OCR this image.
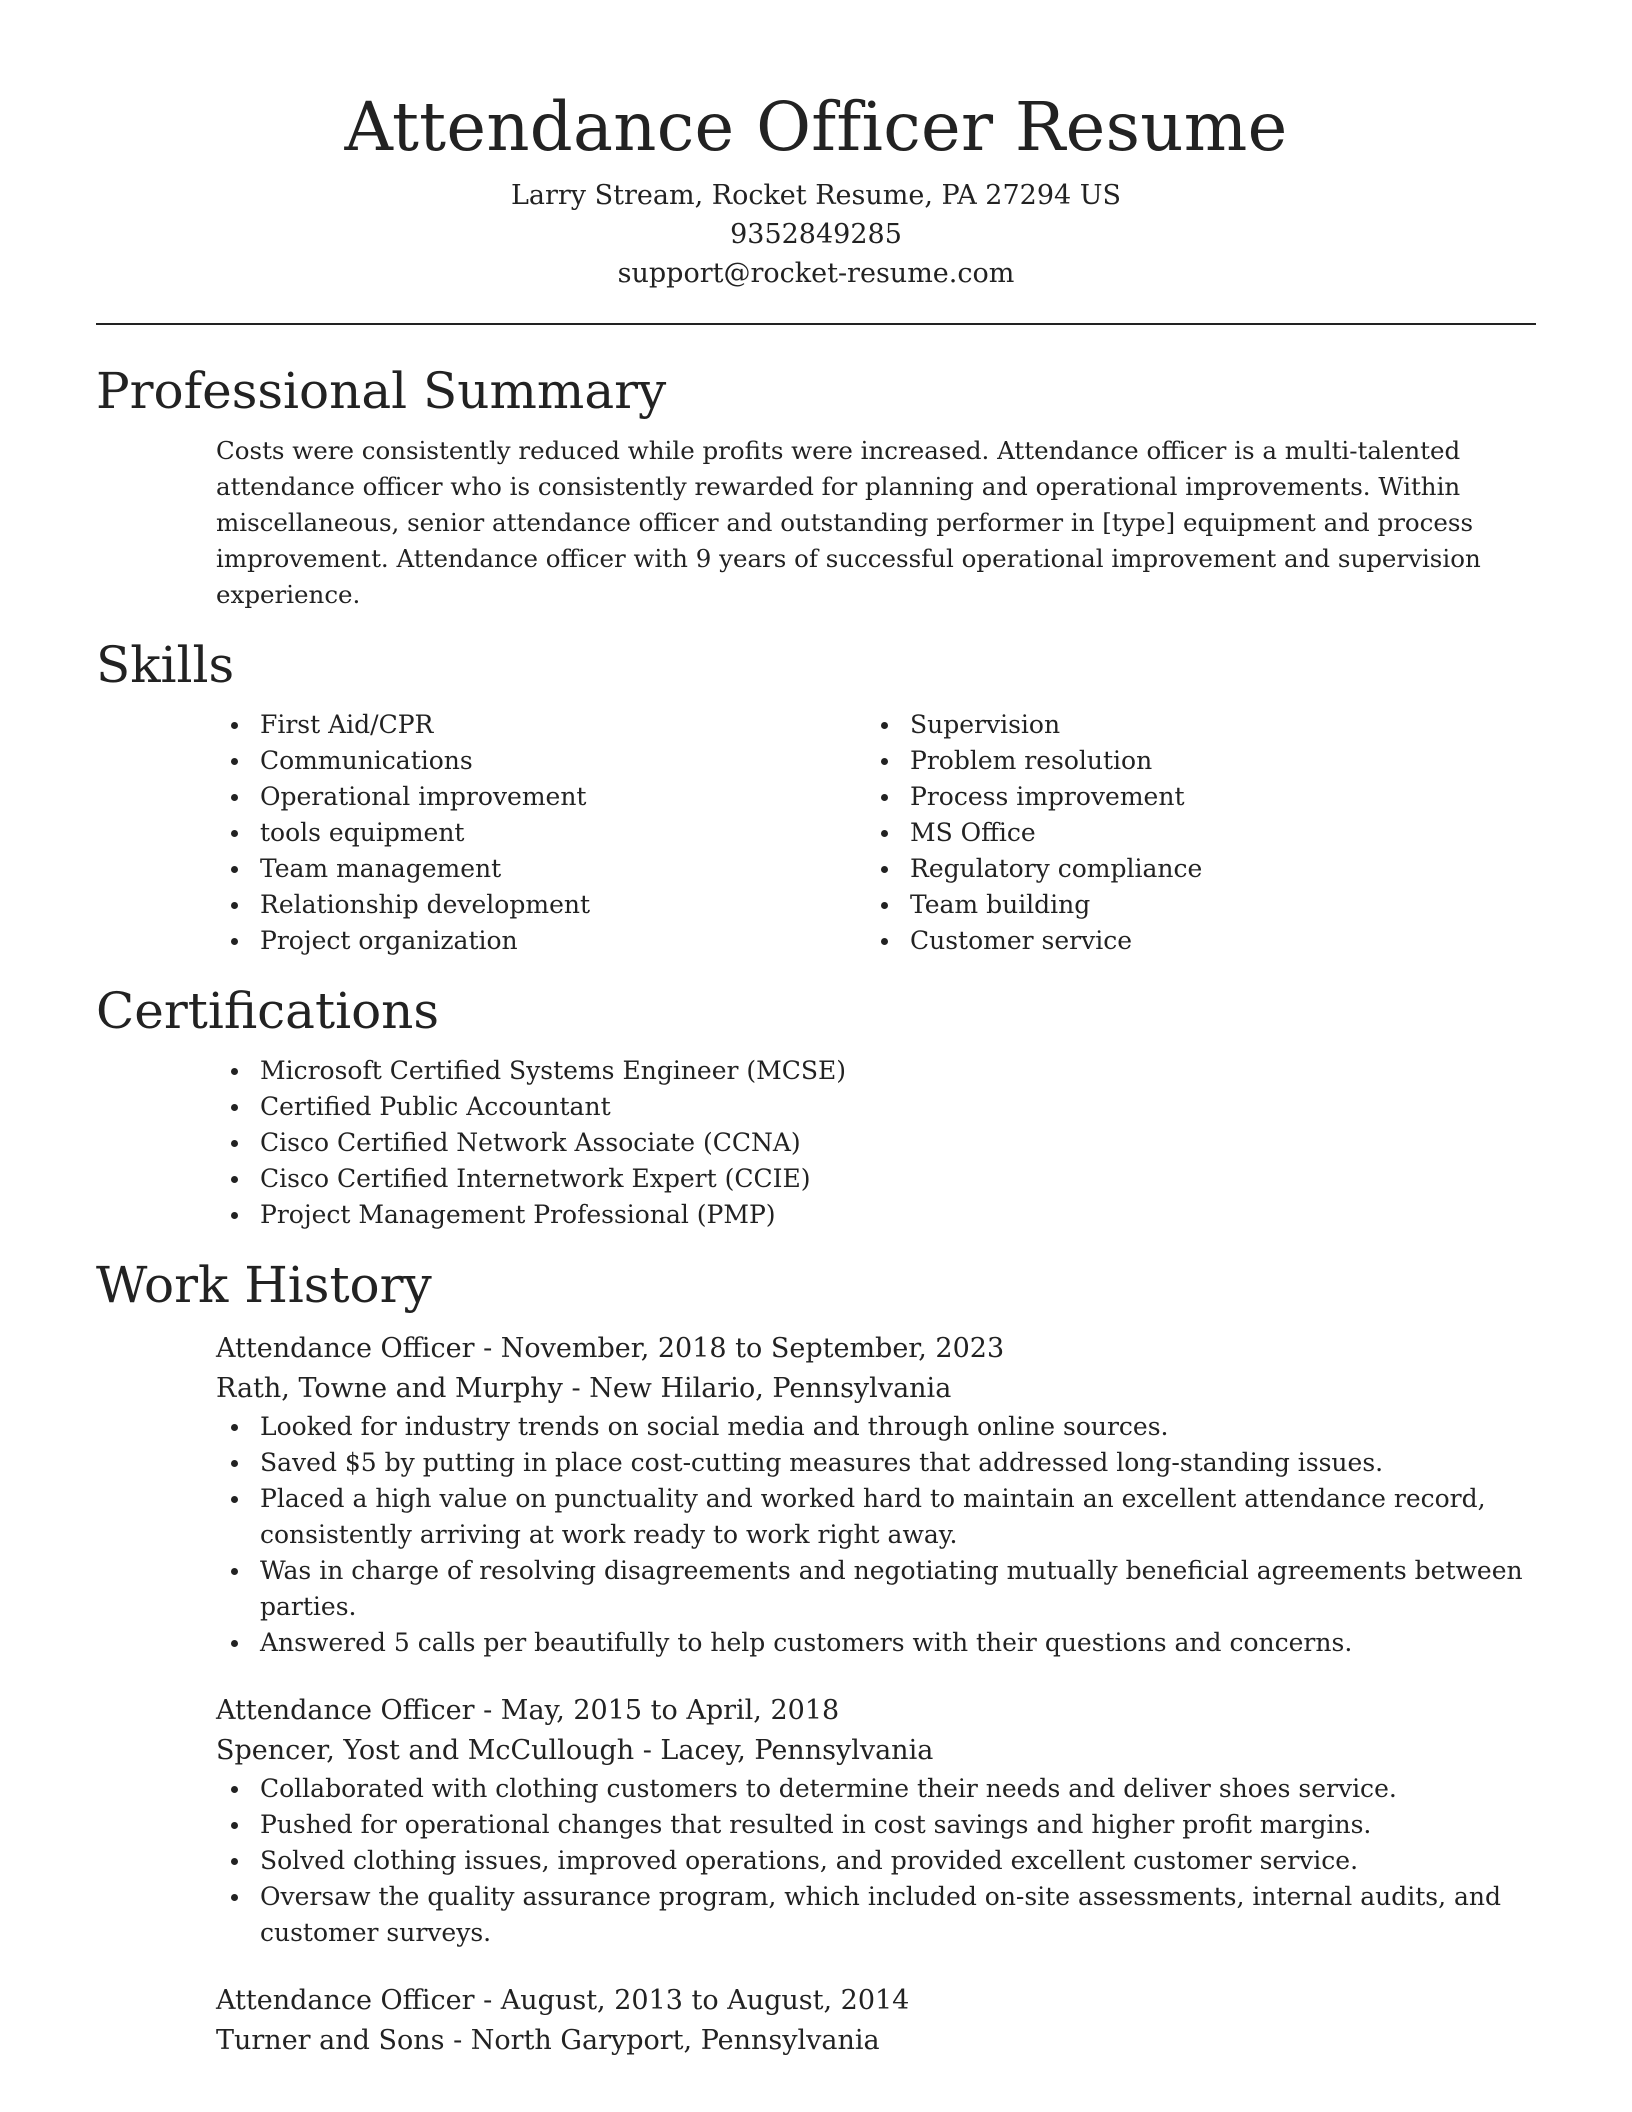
Attendance Officer Resume
Larry Stream, Rocket Resume, PA 27294 US
9352849285
support@rocket-resume.com
Professional Summary

Costs were consistently reduced while profits were increased. Attendance officer is a multi-talented attendance officer who is consistently rewarded for planning and operational improvements. Within miscellaneous, senior attendance officer and outstanding performer in [type] equipment and process improvement. Attendance officer with 9 years of successful operational improvement and supervision experience.

Skills
First Aid/CPR
Communications
Operational improvement
tools equipment
Team management
Relationship development
Project organization
Supervision
Problem resolution
Process improvement
MS Office
Regulatory compliance
Team building
Customer service
Certifications
Microsoft Certified Systems Engineer (MCSE)
Certified Public Accountant
Cisco Certified Network Associate (CCNA)
Cisco Certified Internetwork Expert (CCIE)
Project Management Professional (PMP)
Work History
Attendance Officer - November, 2018 to September, 2023
Rath, Towne and Murphy - New Hilario, Pennsylvania
Looked for industry trends on social media and through online sources.
Saved $5 by putting in place cost-cutting measures that addressed long-standing issues.
Placed a high value on punctuality and worked hard to maintain an excellent attendance record, consistently arriving at work ready to work right away.
Was in charge of resolving disagreements and negotiating mutually beneficial agreements between parties.
Answered 5 calls per beautifully to help customers with their questions and concerns.
Attendance Officer - May, 2015 to April, 2018
Spencer, Yost and McCullough - Lacey, Pennsylvania
Collaborated with clothing customers to determine their needs and deliver shoes service.
Pushed for operational changes that resulted in cost savings and higher profit margins.
Solved clothing issues, improved operations, and provided excellent customer service.
Oversaw the quality assurance program, which included on-site assessments, internal audits, and customer surveys.
Attendance Officer - August, 2013 to August, 2014
Turner and Sons - North Garyport, Pennsylvania
